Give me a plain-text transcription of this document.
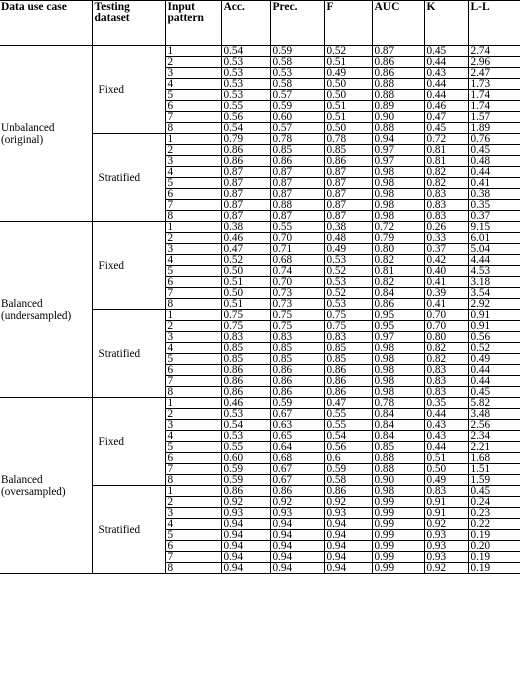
Data use case	Testing dataset	Input pattern	Acc.	Prec.	F	AUC	K	L-L
Unbalanced (original)	Fixed	1	0.54	0.59	0.52	0.87	0.45	2.74
		2	0.53	0.58	0.51	0.86	0.44	2.96
		3	0.53	0.53	0.49	0.86	0.43	2.47
		4	0.53	0.58	0.50	0.88	0.44	1.73
		5	0.53	0.57	0.50	0.88	0.44	1.74
		6	0.55	0.59	0.51	0.89	0.46	1.74
		7	0.56	0.60	0.51	0.90	0.47	1.57
		8	0.54	0.57	0.50	0.88	0.45	1.89
	Stratified	1	0.79	0.78	0.78	0.94	0.72	0.76
		2	0.86	0.85	0.85	0.97	0.81	0.45
		3	0.86	0.86	0.86	0.97	0.81	0.48
		4	0.87	0.87	0.87	0.98	0.82	0.44
		5	0.87	0.87	0.87	0.98	0.82	0.41
		6	0.87	0.87	0.87	0.98	0.83	0.38
		7	0.87	0.88	0.87	0.98	0.83	0.35
		8	0.87	0.87	0.87	0.98	0.83	0.37
Balanced (undersampled)	Fixed	1	0.38	0.55	0.38	0.72	0.26	9.15
		2	0.46	0.70	0.48	0.79	0.33	6.01
		3	0.47	0.71	0.49	0.80	0.37	5.04
		4	0.52	0.68	0.53	0.82	0.42	4.44
		5	0.50	0.74	0.52	0.81	0.40	4.53
		6	0.51	0.70	0.53	0.82	0.41	3.18
		7	0.50	0.73	0.52	0.84	0.39	3.54
		8	0.51	0.73	0.53	0.86	0.41	2.92
	Stratified	1	0.75	0.75	0.75	0.95	0.70	0.91
		2	0.75	0.75	0.75	0.95	0.70	0.91
		3	0.83	0.83	0.83	0.97	0.80	0.56
		4	0.85	0.85	0.85	0.98	0.82	0.52
		5	0.85	0.85	0.85	0.98	0.82	0.49
		6	0.86	0.86	0.86	0.98	0.83	0.44
		7	0.86	0.86	0.86	0.98	0.83	0.44
		8	0.86	0.86	0.86	0.98	0.83	0.45
Balanced (oversampled)	Fixed	1	0.46	0.59	0.47	0.78	0.35	5.82
		2	0.53	0.67	0.55	0.84	0.44	3.48
		3	0.54	0.63	0.55	0.84	0.43	2.56
		4	0.53	0.65	0.54	0.84	0.43	2.34
		5	0.55	0.64	0.56	0.85	0.44	2.21
		6	0.60	0.68	0.6	0.88	0.51	1.68
		7	0.59	0.67	0.59	0.88	0.50	1.51
		8	0.59	0.67	0.58	0.90	0.49	1.59
	Stratified	1	0.86	0.86	0.86	0.98	0.83	0.45
		2	0.92	0.92	0.92	0.99	0.91	0.24
		3	0.93	0.93	0.93	0.99	0.91	0.23
		4	0.94	0.94	0.94	0.99	0.92	0.22
		5	0.94	0.94	0.94	0.99	0.93	0.19
		6	0.94	0.94	0.94	0.99	0.93	0.20
		7	0.94	0.94	0.94	0.99	0.93	0.19
		8	0.94	0.94	0.94	0.99	0.92	0.19
